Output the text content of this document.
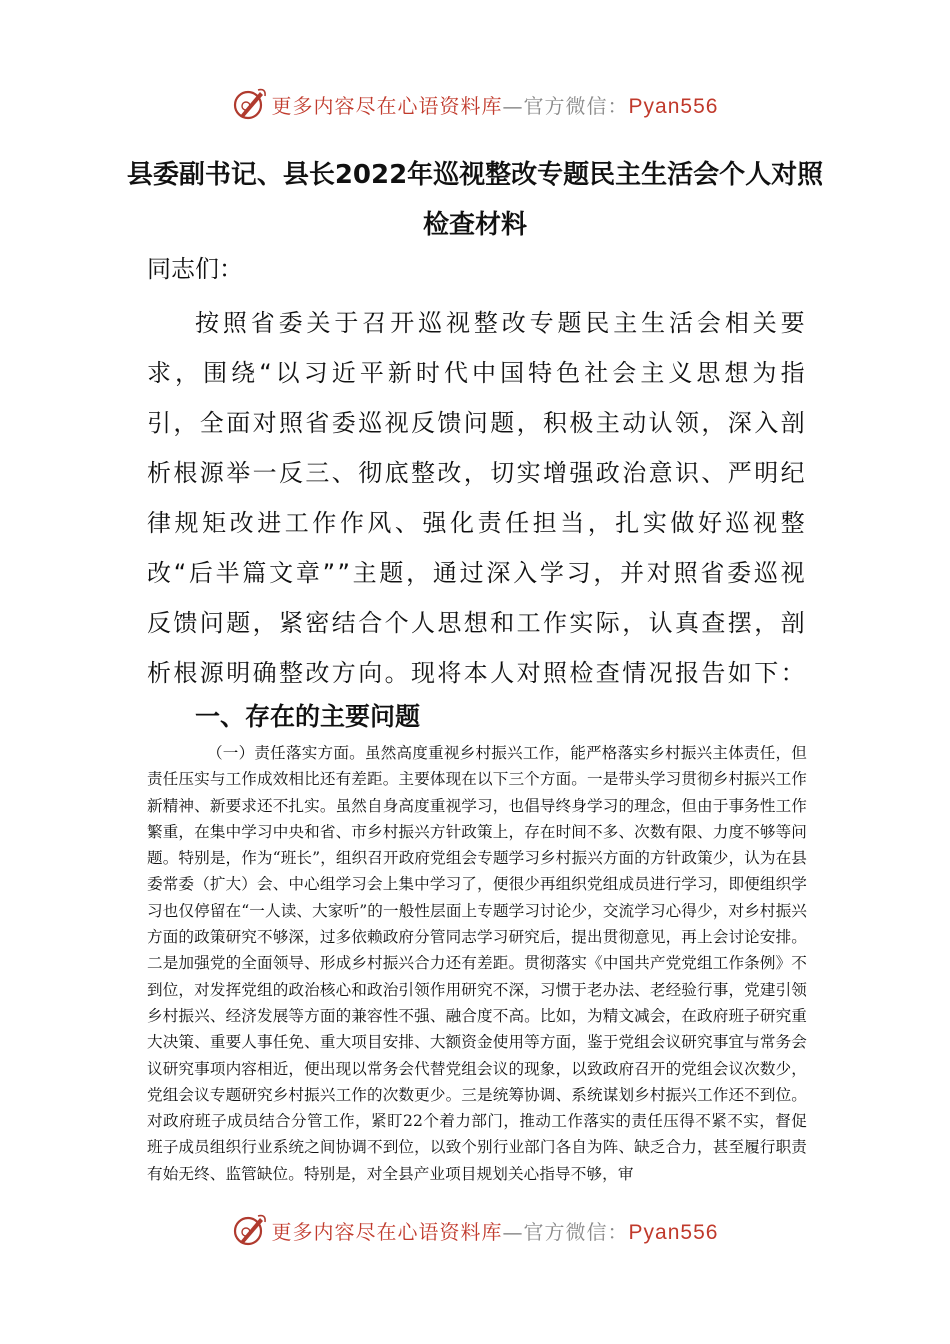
更多内容尽在心语资料库—官方微信：Pyan556
县委副书记、县长2022年巡视整改专题民主生活会个人对照检查材料

同志们：

按照省委关于召开巡视整改专题民主生活会相关要求，围绕“以习近平新时代中国特色社会主义思想为指引，全面对照省委巡视反馈问题，积极主动认领，深入剖析根源举一反三、彻底整改，切实增强政治意识、严明纪律规矩改进工作作风、强化责任担当，扎实做好巡视整改“后半篇文章””主题，通过深入学习，并对照省委巡视反馈问题，紧密结合个人思想和工作实际，认真查摆，剖析根源明确整改方向。现将本人对照检查情况报告如下：

一、存在的主要问题

（一）责任落实方面。虽然高度重视乡村振兴工作，能严格落实乡村振兴主体责任，但责任压实与工作成效相比还有差距。主要体现在以下三个方面。一是带头学习贯彻乡村振兴工作新精神、新要求还不扎实。虽然自身高度重视学习，也倡导终身学习的理念，但由于事务性工作繁重，在集中学习中央和省、市乡村振兴方针政策上，存在时间不多、次数有限、力度不够等问题。特别是，作为“班长”，组织召开政府党组会专题学习乡村振兴方面的方针政策少，认为在县委常委（扩大）会、中心组学习会上集中学习了，便很少再组织党组成员进行学习，即便组织学习也仅停留在“一人读、大家听”的一般性层面上专题学习讨论少，交流学习心得少，对乡村振兴方面的政策研究不够深，过多依赖政府分管同志学习研究后，提出贯彻意见，再上会讨论安排。二是加强党的全面领导、形成乡村振兴合力还有差距。贯彻落实《中国共产党党组工作条例》不到位，对发挥党组的政治核心和政治引领作用研究不深，习惯于老办法、老经验行事，党建引领乡村振兴、经济发展等方面的兼容性不强、融合度不高。比如，为精文减会，在政府班子研究重大决策、重要人事任免、重大项目安排、大额资金使用等方面，鉴于党组会议研究事宜与常务会议研究事项内容相近，便出现以常务会代替党组会议的现象，以致政府召开的党组会议次数少，党组会议专题研究乡村振兴工作的次数更少。三是统筹协调、系统谋划乡村振兴工作还不到位。对政府班子成员结合分管工作，紧盯22个着力部门，推动工作落实的责任压得不紧不实，督促班子成员组织行业系统之间协调不到位，以致个别行业部门各自为阵、缺乏合力，甚至履行职责有始无终、监管缺位。特别是，对全县产业项目规划关心指导不够，审

更多内容尽在心语资料库—官方微信：Pyan556
